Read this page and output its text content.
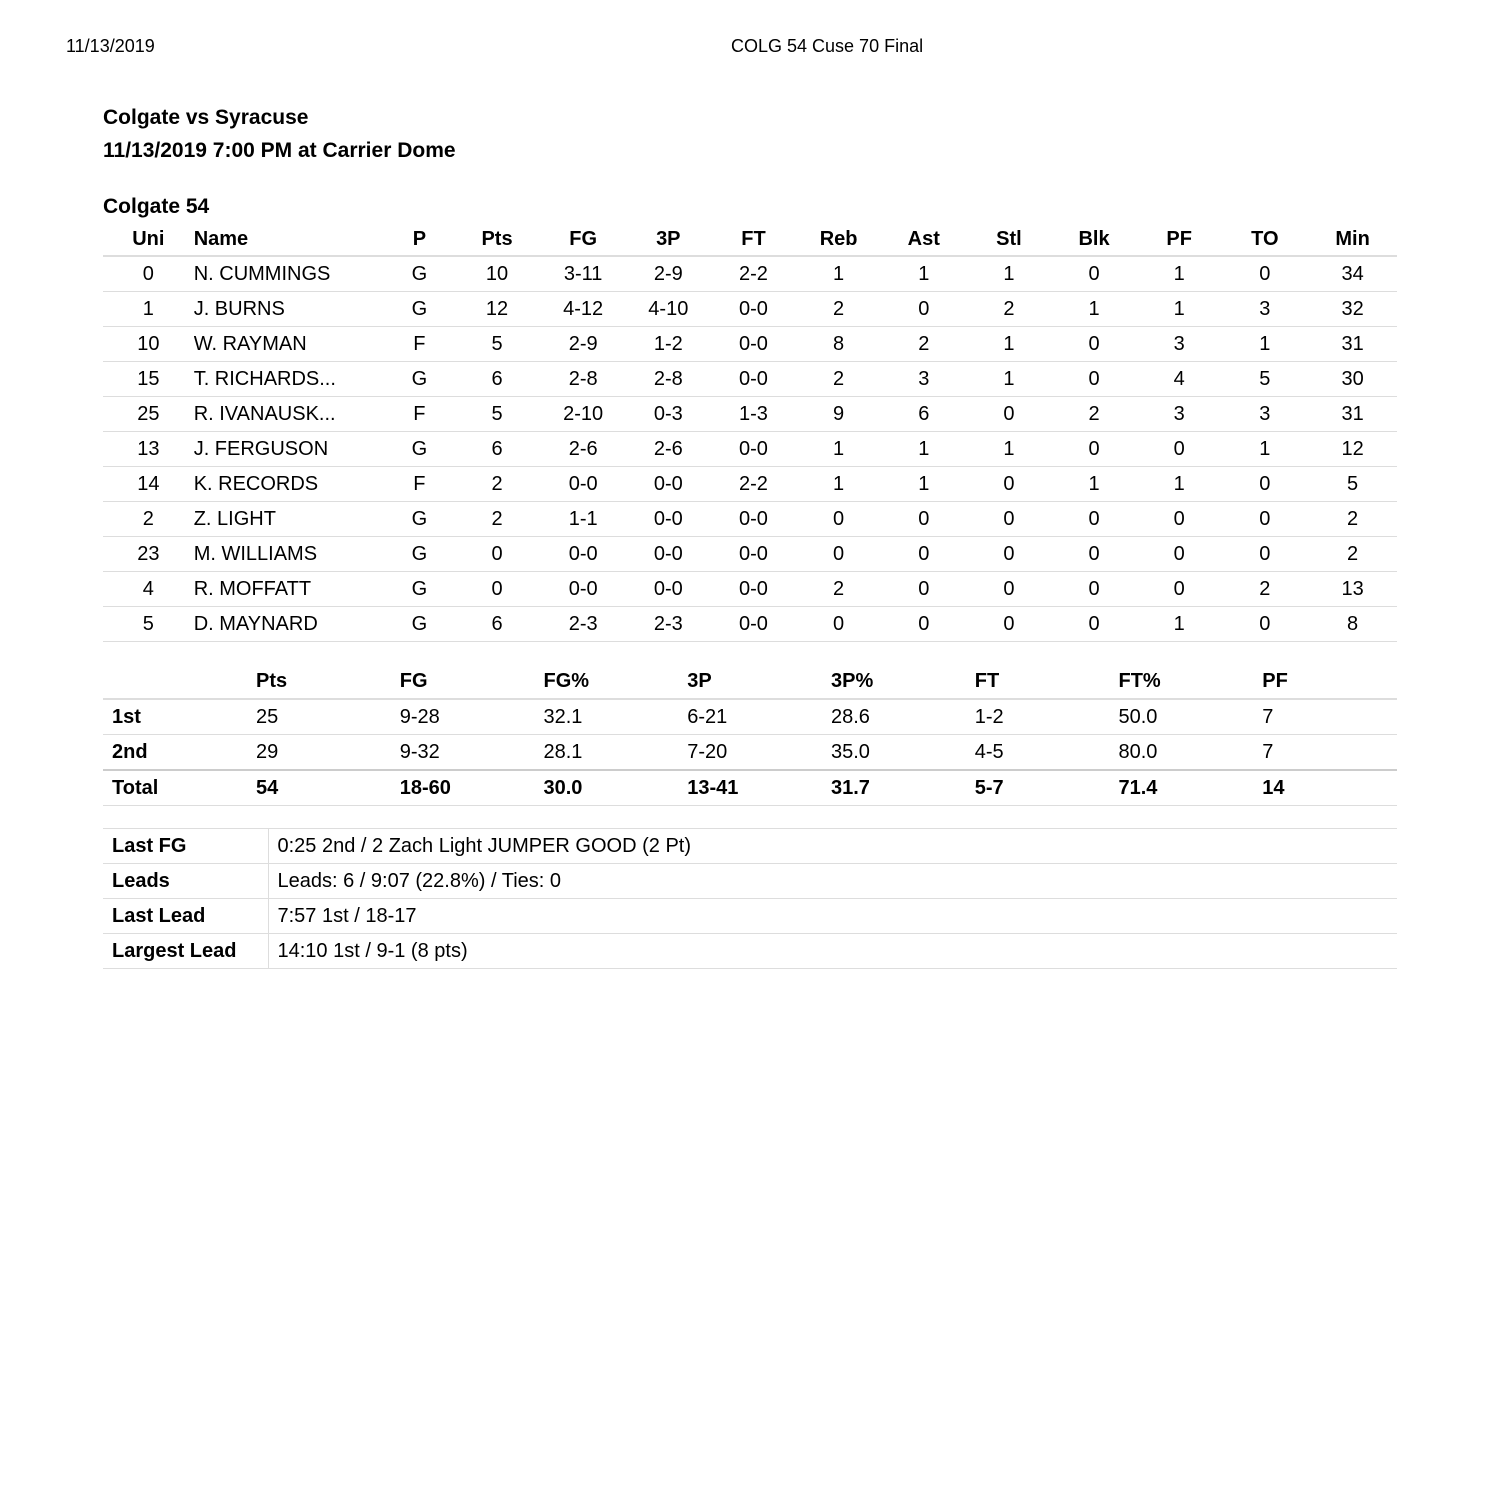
11/13/2019	COLG 54 Cuse 70 Final
Colgate vs Syracuse
11/13/2019 7:00 PM at Carrier Dome
Colgate 54
Uni	Name	P	Pts	FG	3P	FT	Reb	Ast	Stl	Blk	PF	TO	Min
0	N. CUMMINGS	G	10	3-11	2-9	2-2	1	1	1	0	1	0	34
1	J. BURNS	G	12	4-12	4-10	0-0	2	0	2	1	1	3	32
10	W. RAYMAN	F	5	2-9	1-2	0-0	8	2	1	0	3	1	31
15	T. RICHARDS...	G	6	2-8	2-8	0-0	2	3	1	0	4	5	30
25	R. IVANAUSK...	F	5	2-10	0-3	1-3	9	6	0	2	3	3	31
13	J. FERGUSON	G	6	2-6	2-6	0-0	1	1	1	0	0	1	12
14	K. RECORDS	F	2	0-0	0-0	2-2	1	1	0	1	1	0	5
2	Z. LIGHT	G	2	1-1	0-0	0-0	0	0	0	0	0	0	2
23	M. WILLIAMS	G	0	0-0	0-0	0-0	0	0	0	0	0	0	2
4	R. MOFFATT	G	0	0-0	0-0	0-0	2	0	0	0	0	2	13
5	D. MAYNARD	G	6	2-3	2-3	0-0	0	0	0	0	1	0	8
	Pts	FG	FG%	3P	3P%	FT	FT%	PF
1st	25	9-28	32.1	6-21	28.6	1-2	50.0	7
2nd	29	9-32	28.1	7-20	35.0	4-5	80.0	7
Total	54	18-60	30.0	13-41	31.7	5-7	71.4	14
Last FG	0:25 2nd / 2 Zach Light JUMPER GOOD (2 Pt)
Leads	Leads: 6 / 9:07 (22.8%) / Ties: 0
Last Lead	7:57 1st / 18-17
Largest Lead	14:10 1st / 9-1 (8 pts)
